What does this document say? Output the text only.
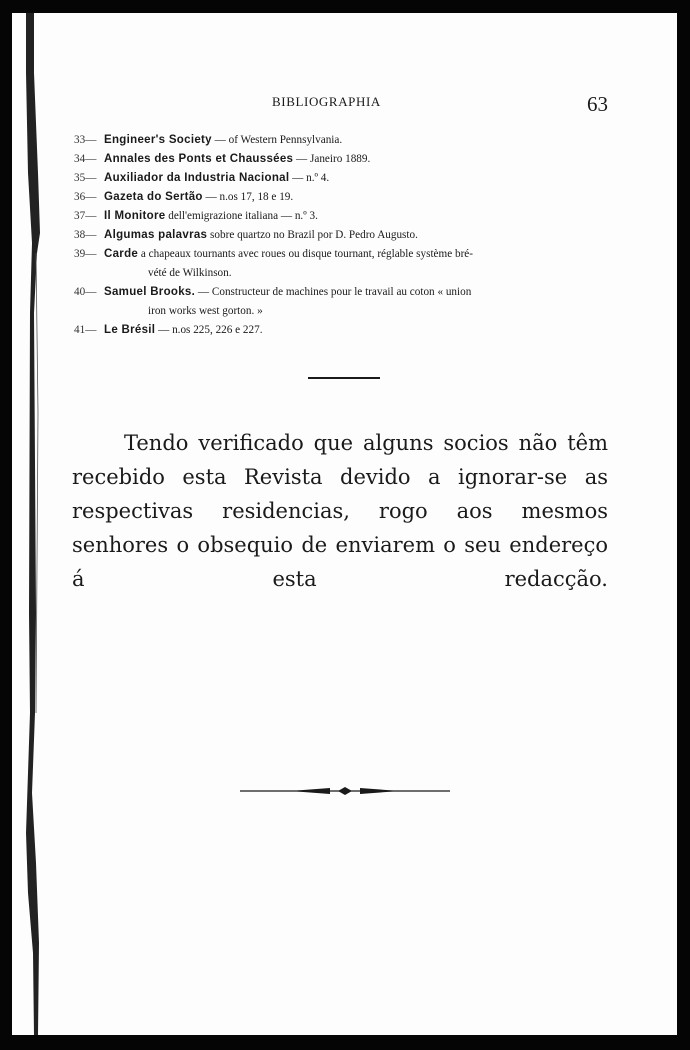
BIBLIOGRAPHIA	63
33— Engineer's Society — of Western Pennsylvania.
34— Annales des Ponts et Chaussées — Janeiro 1889.
35— Auxiliador da Industria Nacional — n.º 4.
36— Gazeta do Sertão — n.os 17, 18 e 19.
37— Il Monitore dell'emigrazione italiana — n.º 3.
38— Algumas palavras sobre quartzo no Brazil por D. Pedro Augusto.
39— Carde a chapeaux tournants avec roues ou disque tournant, réglable système bré-
vété de Wilkinson.
40— Samuel Brooks. — Constructeur de machines pour le travail au coton « union
iron works west gorton. »
41— Le Brésil — n.os 225, 226 e 227.

Tendo verificado que alguns socios não têm recebido esta Revista devido a ignorar-se as respectivas residencias, rogo aos mesmos senhores o obsequio de enviarem o seu endereço á esta redacção.
